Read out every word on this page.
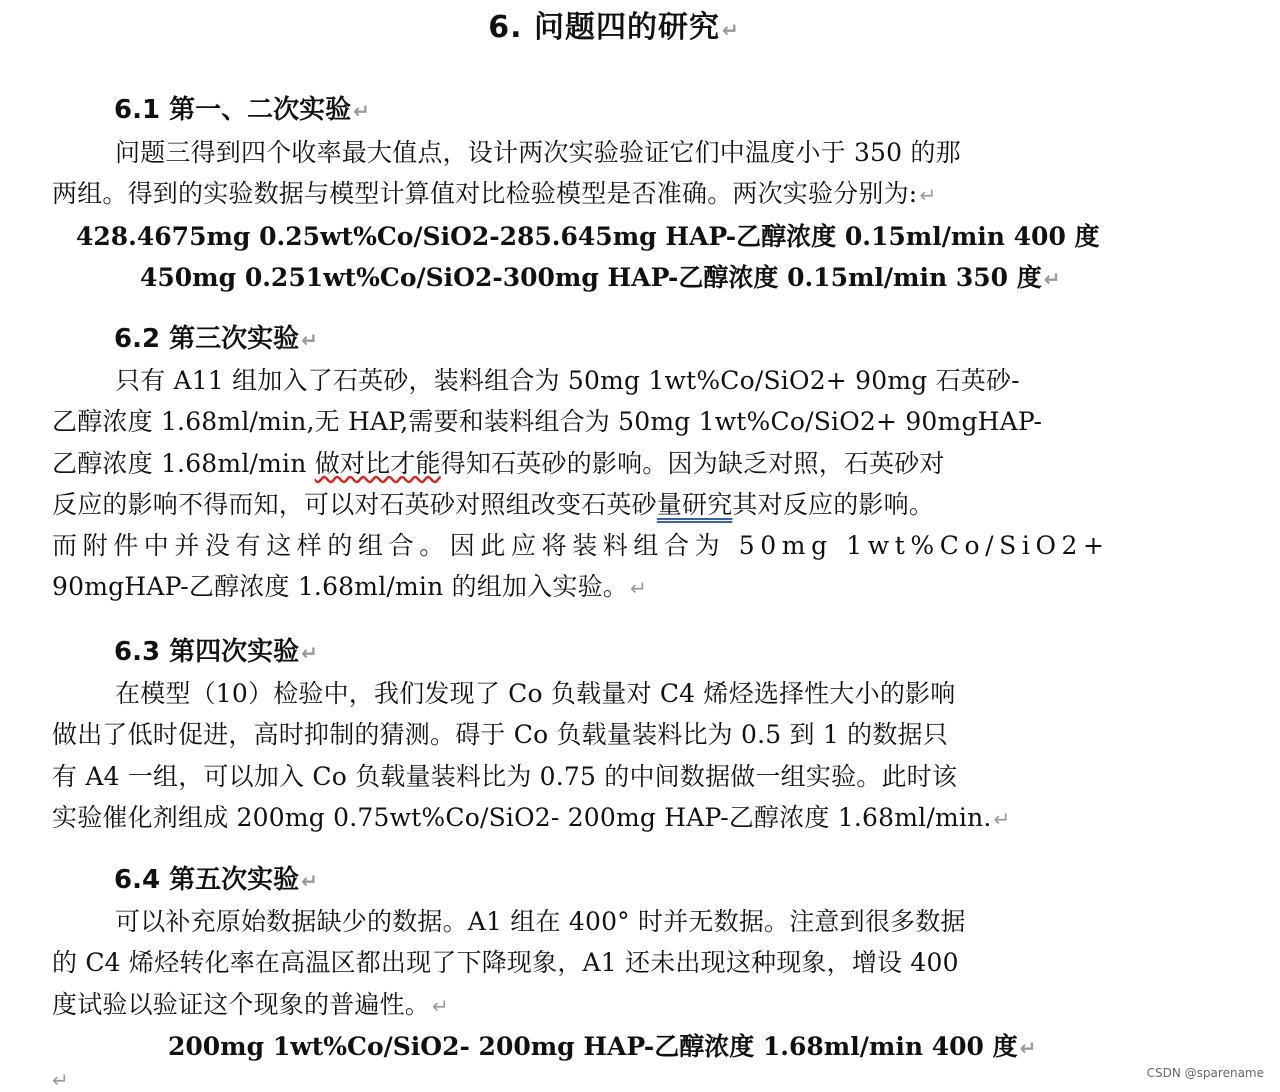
6. 问题四的研究 ↵
6.1 第一、二次实验 ↵
问题三得到四个收率最大值点，设计两次实验验证它们中温度小于 350 的那
两组。得到的实验数据与模型计算值对比检验模型是否准确。两次实验分别为: ↵
428.4675mg 0.25wt%Co/SiO2-285.645mg HAP-乙醇浓度 0.15ml/min 400 度
450mg 0.251wt%Co/SiO2-300mg HAP-乙醇浓度 0.15ml/min 350 度 ↵
6.2 第三次实验 ↵
只有 A11 组加入了石英砂，装料组合为 50mg 1wt%Co/SiO2+ 90mg 石英砂-
乙醇浓度 1.68ml/min,无 HAP,需要和装料组合为 50mg 1wt%Co/SiO2+ 90mgHAP-
乙醇浓度 1.68ml/min 做对比才能得知石英砂的影响。因为缺乏对照，石英砂对
反应的影响不得而知，可以对石英砂对照组改变石英砂量研究其对反应的影响。
而附件中并没有这样的组合。因此应将装料组合为 50mg 1wt%Co/SiO2+
90mgHAP-乙醇浓度 1.68ml/min 的组加入实验。 ↵
6.3 第四次实验 ↵
在模型（10）检验中，我们发现了 Co 负载量对 C4 烯烃选择性大小的影响
做出了低时促进，高时抑制的猜测。碍于 Co 负载量装料比为 0.5 到 1 的数据只
有 A4 一组，可以加入 Co 负载量装料比为 0.75 的中间数据做一组实验。此时该
实验催化剂组成 200mg 0.75wt%Co/SiO2- 200mg HAP-乙醇浓度 1.68ml/min. ↵
6.4 第五次实验 ↵
可以补充原始数据缺少的数据。A1 组在 400° 时并无数据。注意到很多数据
的 C4 烯烃转化率在高温区都出现了下降现象，A1 还未出现这种现象，增设 400
度试验以验证这个现象的普遍性。 ↵
200mg 1wt%Co/SiO2- 200mg HAP-乙醇浓度 1.68ml/min 400 度 ↵
↵	CSDN @sparename
